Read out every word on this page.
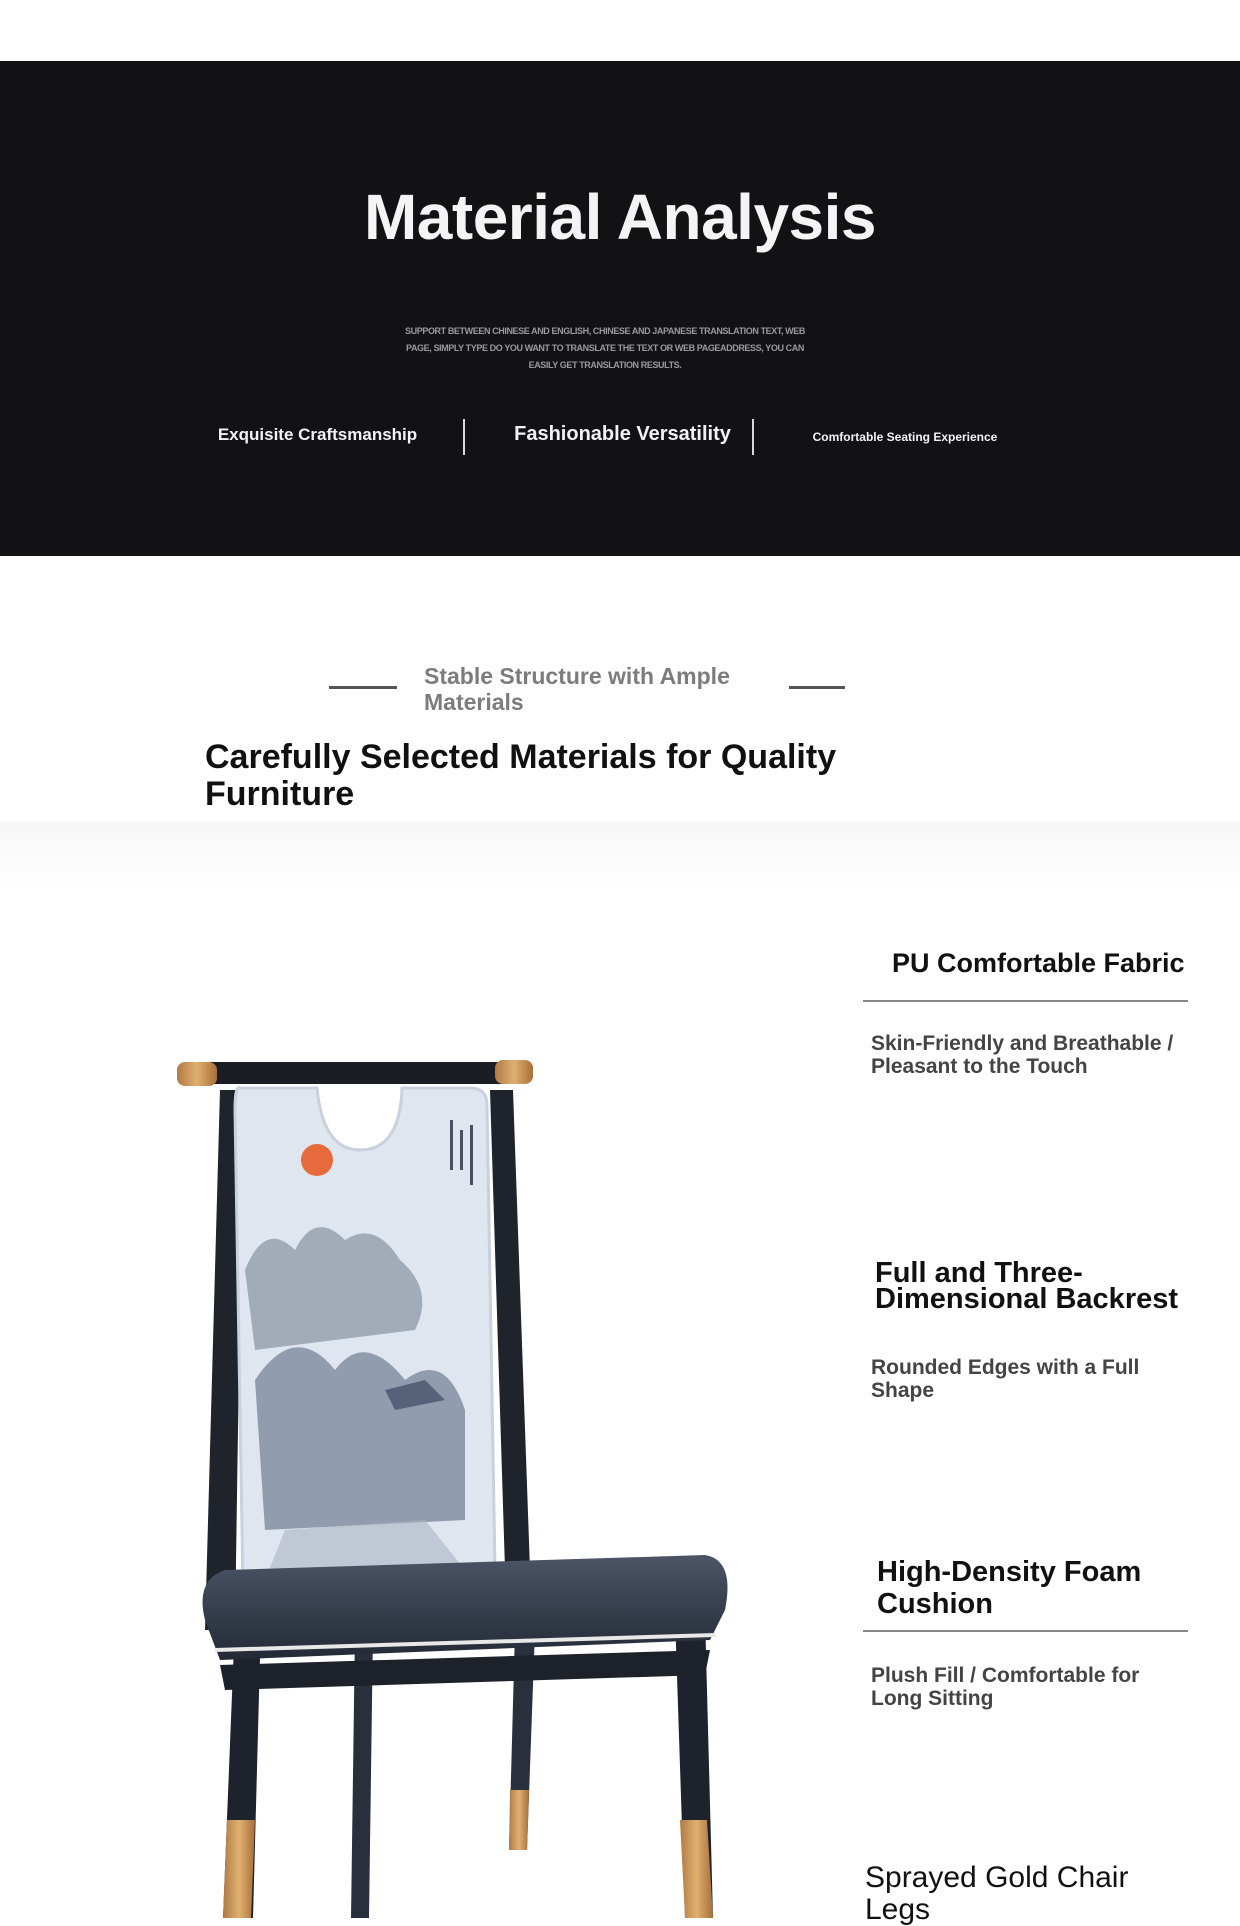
Material Analysis
SUPPORT BETWEEN CHINESE AND ENGLISH, CHINESE AND JAPANESE TRANSLATION TEXT, WEB PAGE, SIMPLY TYPE DO YOU WANT TO TRANSLATE THE TEXT OR WEB PAGEADDRESS, YOU CAN EASILY GET TRANSLATION RESULTS.
Exquisite Craftsmanship	Fashionable Versatility	Comfortable Seating Experience
Stable Structure with Ample Materials
Carefully Selected Materials for Quality Furniture
PU Comfortable Fabric
Skin-Friendly and Breathable / Pleasant to the Touch
Full and Three-Dimensional Backrest
Rounded Edges with a Full Shape
High-Density Foam Cushion
Plush Fill / Comfortable for Long Sitting
Sprayed Gold Chair Legs
